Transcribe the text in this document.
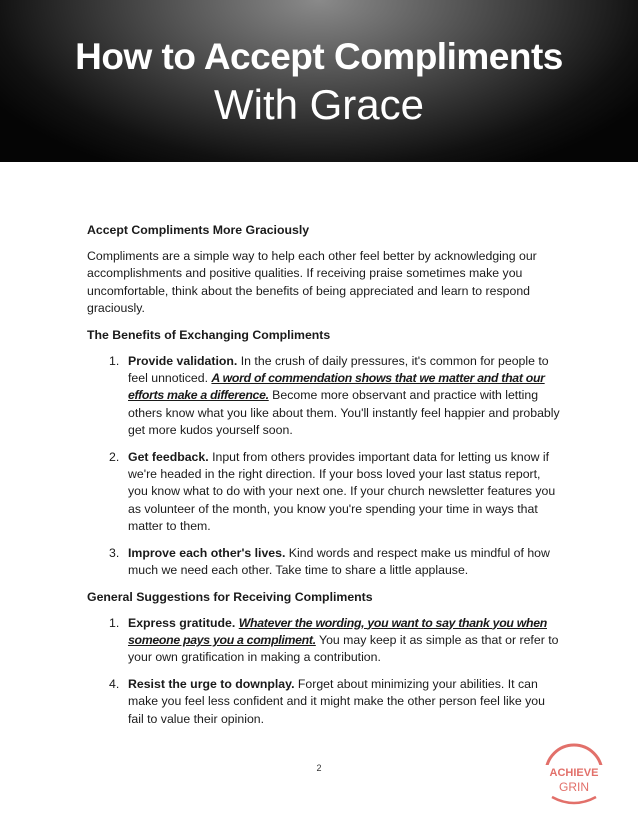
How to Accept Compliments
With Grace
Accept Compliments More Graciously

Compliments are a simple way to help each other feel better by acknowledging our accomplishments and positive qualities. If receiving praise sometimes make you uncomfortable, think about the benefits of being appreciated and learn to respond graciously.

The Benefits of Exchanging Compliments
1. Provide validation. In the crush of daily pressures, it's common for people to feel unnoticed. A word of commendation shows that we matter and that our efforts make a difference. Become more observant and practice with letting others know what you like about them. You'll instantly feel happier and probably get more kudos yourself soon.
2. Get feedback. Input from others provides important data for letting us know if we're headed in the right direction. If your boss loved your last status report, you know what to do with your next one. If your church newsletter features you as volunteer of the month, you know you're spending your time in ways that matter to them.
3. Improve each other's lives. Kind words and respect make us mindful of how much we need each other. Take time to share a little applause.
General Suggestions for Receiving Compliments
1. Express gratitude. Whatever the wording, you want to say thank you when someone pays you a compliment. You may keep it as simple as that or refer to your own gratification in making a contribution.
4. Resist the urge to downplay. Forget about minimizing your abilities. It can make you feel less confident and it might make the other person feel like you fail to value their opinion.
2	ACHIEVE
GRIN
